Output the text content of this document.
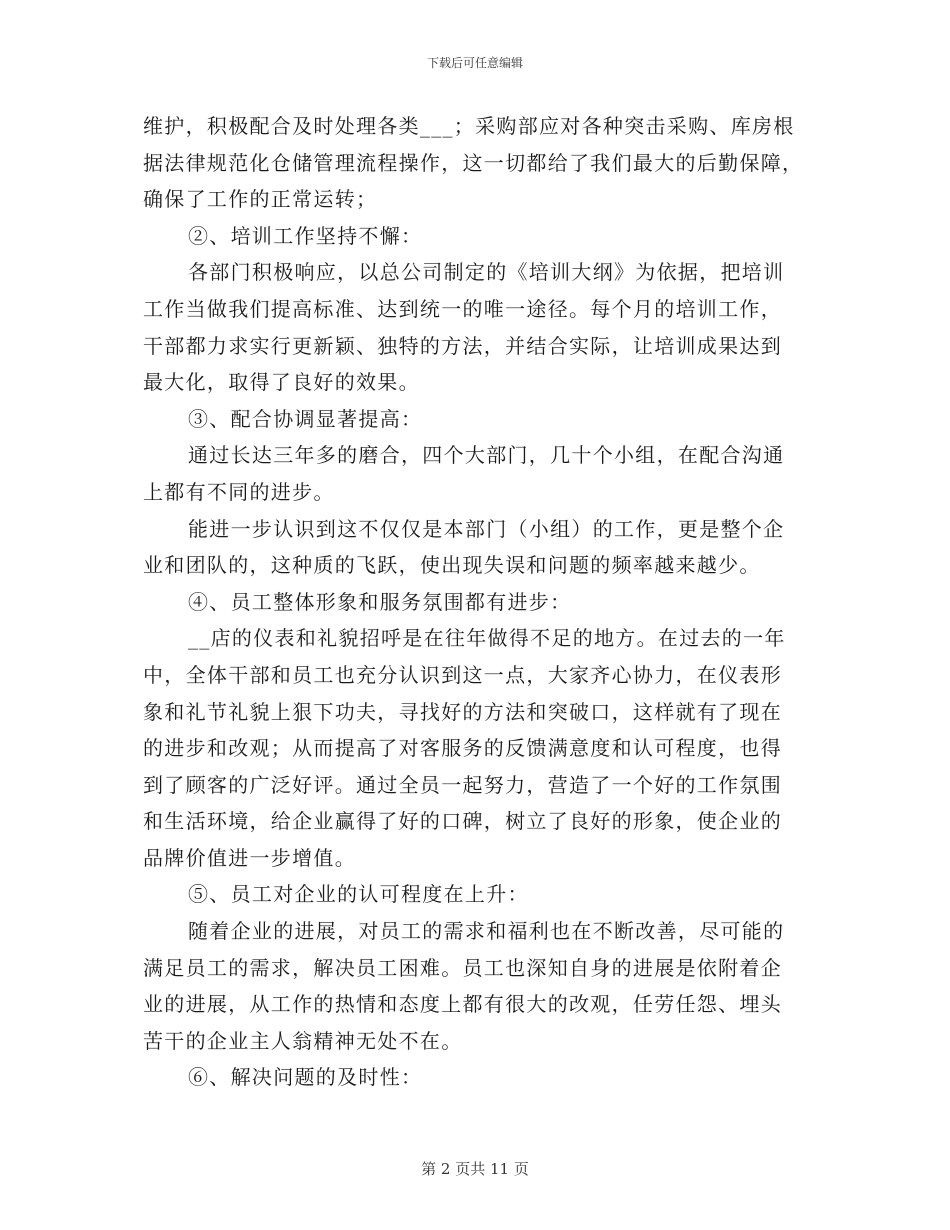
下载后可任意编辑
维护，积极配合及时处理各类___；采购部应对各种突击采购、库房根
据法律规范化仓储管理流程操作，这一切都给了我们最大的后勤保障，
确保了工作的正常运转；
②、培训工作坚持不懈：
各部门积极响应，以总公司制定的《培训大纲》为依据，把培训
工作当做我们提高标准、达到统一的唯一途径。每个月的培训工作，
干部都力求实行更新颖、独特的方法，并结合实际，让培训成果达到
最大化，取得了良好的效果。
③、配合协调显著提高：
通过长达三年多的磨合，四个大部门，几十个小组，在配合沟通
上都有不同的进步。
能进一步认识到这不仅仅是本部门（小组）的工作，更是整个企
业和团队的，这种质的飞跃，使出现失误和问题的频率越来越少。
④、员工整体形象和服务氛围都有进步：
__店的仪表和礼貌招呼是在往年做得不足的地方。在过去的一年
中，全体干部和员工也充分认识到这一点，大家齐心协力，在仪表形
象和礼节礼貌上狠下功夫，寻找好的方法和突破口，这样就有了现在
的进步和改观；从而提高了对客服务的反馈满意度和认可程度，也得
到了顾客的广泛好评。通过全员一起努力，营造了一个好的工作氛围
和生活环境，给企业赢得了好的口碑，树立了良好的形象，使企业的
品牌价值进一步增值。
⑤、员工对企业的认可程度在上升：
随着企业的进展，对员工的需求和福利也在不断改善，尽可能的
满足员工的需求，解决员工困难。员工也深知自身的进展是依附着企
业的进展，从工作的热情和态度上都有很大的改观，任劳任怨、埋头
苦干的企业主人翁精神无处不在。
⑥、解决问题的及时性：
第 2 页共 11 页
